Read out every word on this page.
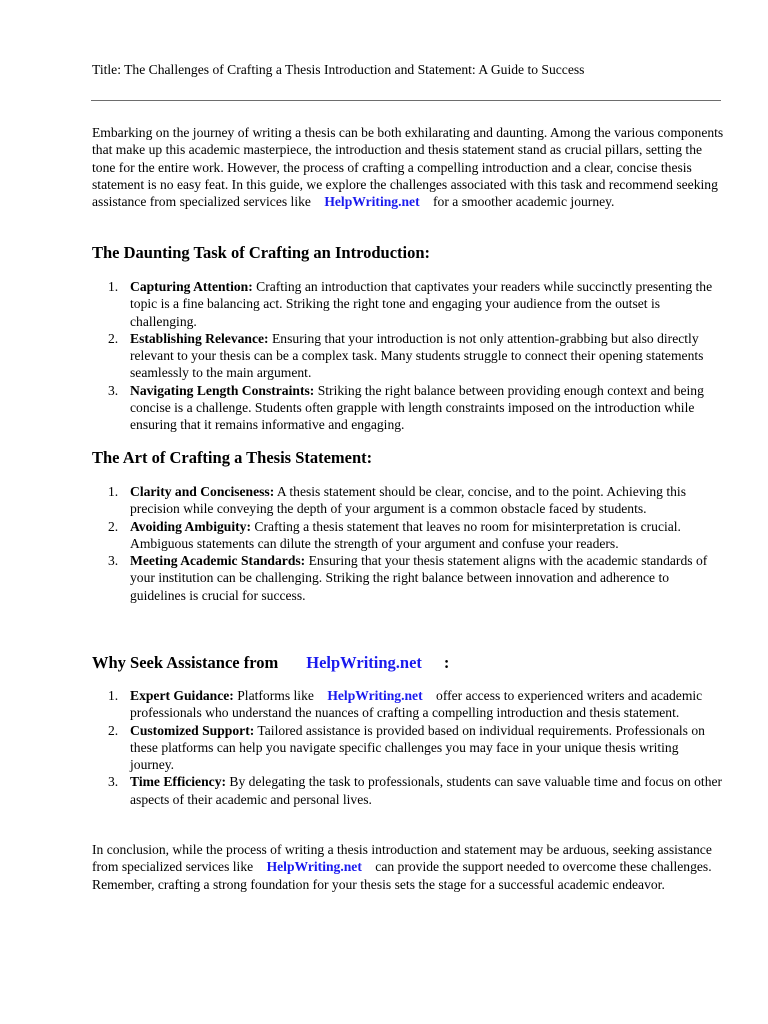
Title: The Challenges of Crafting a Thesis Introduction and Statement: A Guide to Success

Embarking on the journey of writing a thesis can be both exhilarating and daunting. Among the various components that make up this academic masterpiece, the introduction and thesis statement stand as crucial pillars, setting the tone for the entire work. However, the process of crafting a compelling introduction and a clear, concise thesis statement is no easy feat. In this guide, we explore the challenges associated with this task and recommend seeking assistance from specialized services like HelpWriting.net for a smoother academic journey.

The Daunting Task of Crafting an Introduction:
1. Capturing Attention: Crafting an introduction that captivates your readers while succinctly presenting the topic is a fine balancing act. Striking the right tone and engaging your audience from the outset is challenging.
2. Establishing Relevance: Ensuring that your introduction is not only attention-grabbing but also directly relevant to your thesis can be a complex task. Many students struggle to connect their opening statements seamlessly to the main argument.
3. Navigating Length Constraints: Striking the right balance between providing enough context and being concise is a challenge. Students often grapple with length constraints imposed on the introduction while ensuring that it remains informative and engaging.
The Art of Crafting a Thesis Statement:
1. Clarity and Conciseness: A thesis statement should be clear, concise, and to the point. Achieving this precision while conveying the depth of your argument is a common obstacle faced by students.
2. Avoiding Ambiguity: Crafting a thesis statement that leaves no room for misinterpretation is crucial. Ambiguous statements can dilute the strength of your argument and confuse your readers.
3. Meeting Academic Standards: Ensuring that your thesis statement aligns with the academic standards of your institution can be challenging. Striking the right balance between innovation and adherence to guidelines is crucial for success.
Why Seek Assistance from HelpWriting.net :
1. Expert Guidance: Platforms like HelpWriting.net offer access to experienced writers and academic professionals who understand the nuances of crafting a compelling introduction and thesis statement.
2. Customized Support: Tailored assistance is provided based on individual requirements. Professionals on these platforms can help you navigate specific challenges you may face in your unique thesis writing journey.
3. Time Efficiency: By delegating the task to professionals, students can save valuable time and focus on other aspects of their academic and personal lives.

In conclusion, while the process of writing a thesis introduction and statement may be arduous, seeking assistance from specialized services like HelpWriting.net can provide the support needed to overcome these challenges. Remember, crafting a strong foundation for your thesis sets the stage for a successful academic endeavor.
